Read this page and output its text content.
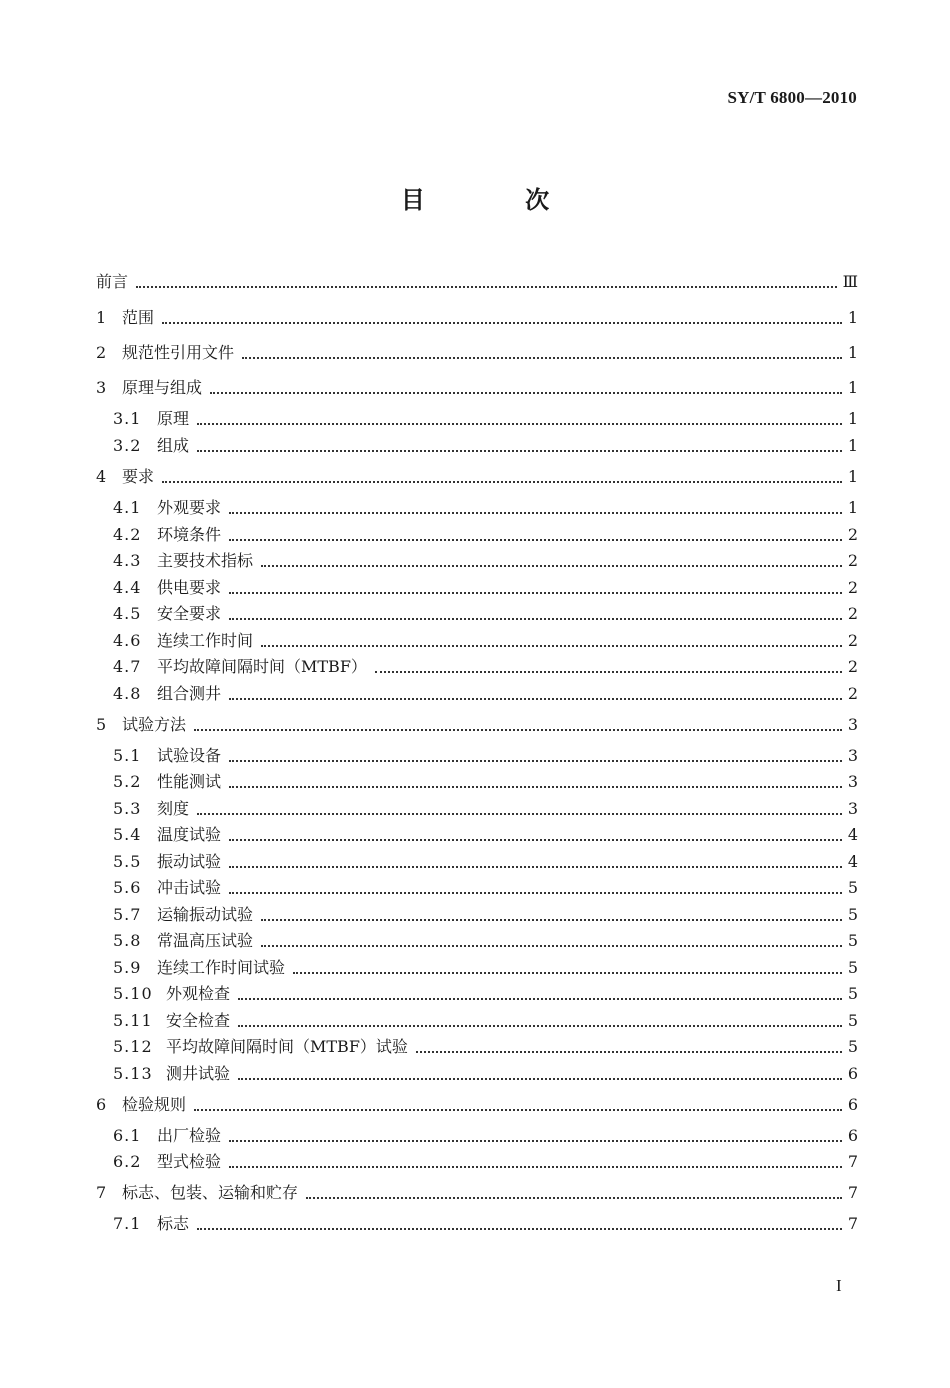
SY/T 6800—2010
目 次
前言	Ⅲ
1 范围	1
2 规范性引用文件	1
3 原理与组成	1
3.1 原理	1
3.2 组成	1
4 要求	1
4.1 外观要求	1
4.2 环境条件	2
4.3 主要技术指标	2
4.4 供电要求	2
4.5 安全要求	2
4.6 连续工作时间	2
4.7 平均故障间隔时间（MTBF）	2
4.8 组合测井	2
5 试验方法	3
5.1 试验设备	3
5.2 性能测试	3
5.3 刻度	3
5.4 温度试验	4
5.5 振动试验	4
5.6 冲击试验	5
5.7 运输振动试验	5
5.8 常温高压试验	5
5.9 连续工作时间试验	5
5.10 外观检查	5
5.11 安全检查	5
5.12 平均故障间隔时间（MTBF）试验	5
5.13 测井试验	6
6 检验规则	6
6.1 出厂检验	6
6.2 型式检验	7
7 标志、包装、运输和贮存	7
7.1 标志	7
I
